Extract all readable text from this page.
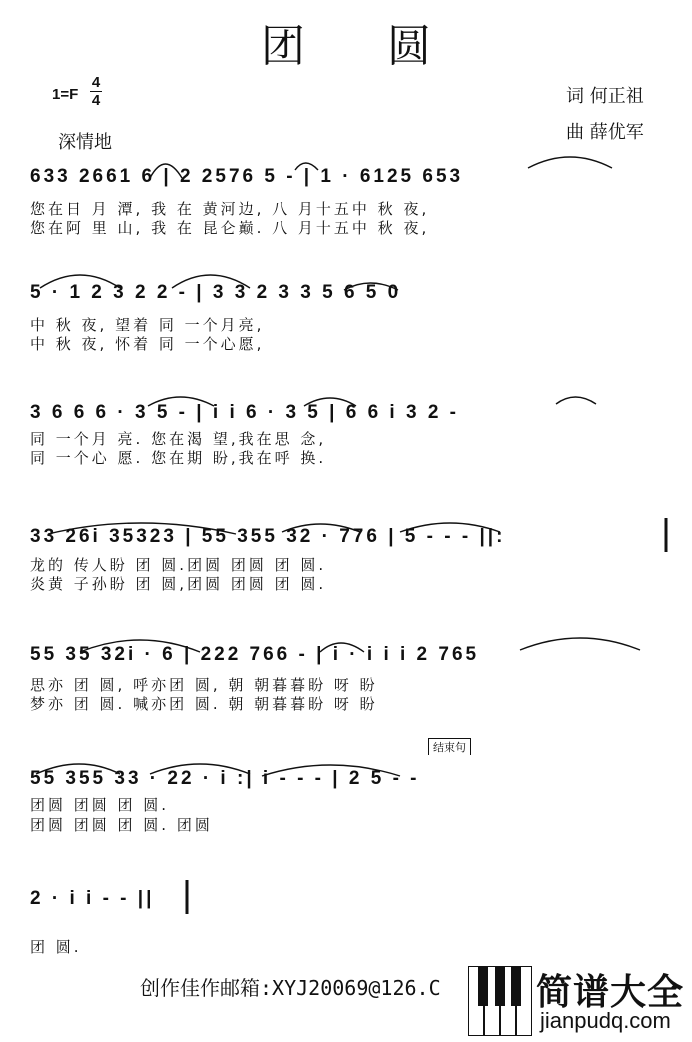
团 圆
1=F
4
4	词 何正祖
曲 薛优军
深情地
633 2661 6 | 2 2576 5 - | 1 · 6125 653
您在日 月 潭, 我 在 黄河边, 八 月十五中 秋 夜,
您在阿 里 山, 我 在 昆仑巅. 八 月十五中 秋 夜,
5 · 1 2 3 2 2 - | 3 3 2 3 3 5 6 5 0
中 秋 夜, 望着 同 一个月亮,
中 秋 夜, 怀着 同 一个心愿,
3 6 6 6 · 3 5 - | i i 6 · 3 5 | 6 6 i 3 2 -
同 一个月 亮. 您在渴 望,我在思 念,
同 一个心 愿. 您在期 盼,我在呼 换.
33 26i 35323 | 55 355 32 · 776 | 5 - - - ||:
龙的 传人盼 团 圆.团圆 团圆 团 圆.
炎黄 子孙盼 团 圆,团圆 团圆 团 圆.
55 35 32i · 6 | 222 766 - | i · i i i 2 765
思亦 团 圆, 呼亦团 圆, 朝 朝暮暮盼 呀 盼
梦亦 团 圆. 喊亦团 圆. 朝 朝暮暮盼 呀 盼
结束句
55 355 33 · 22 · i :| i - - - | 2 5 - -
团圆 团圆 团 圆.
团圆 团圆 团 圆. 团圆
2 · i i - - ||
团 圆.
创作佳作邮箱:XYJ20069@126.C	简谱大全
jianpudq.com
